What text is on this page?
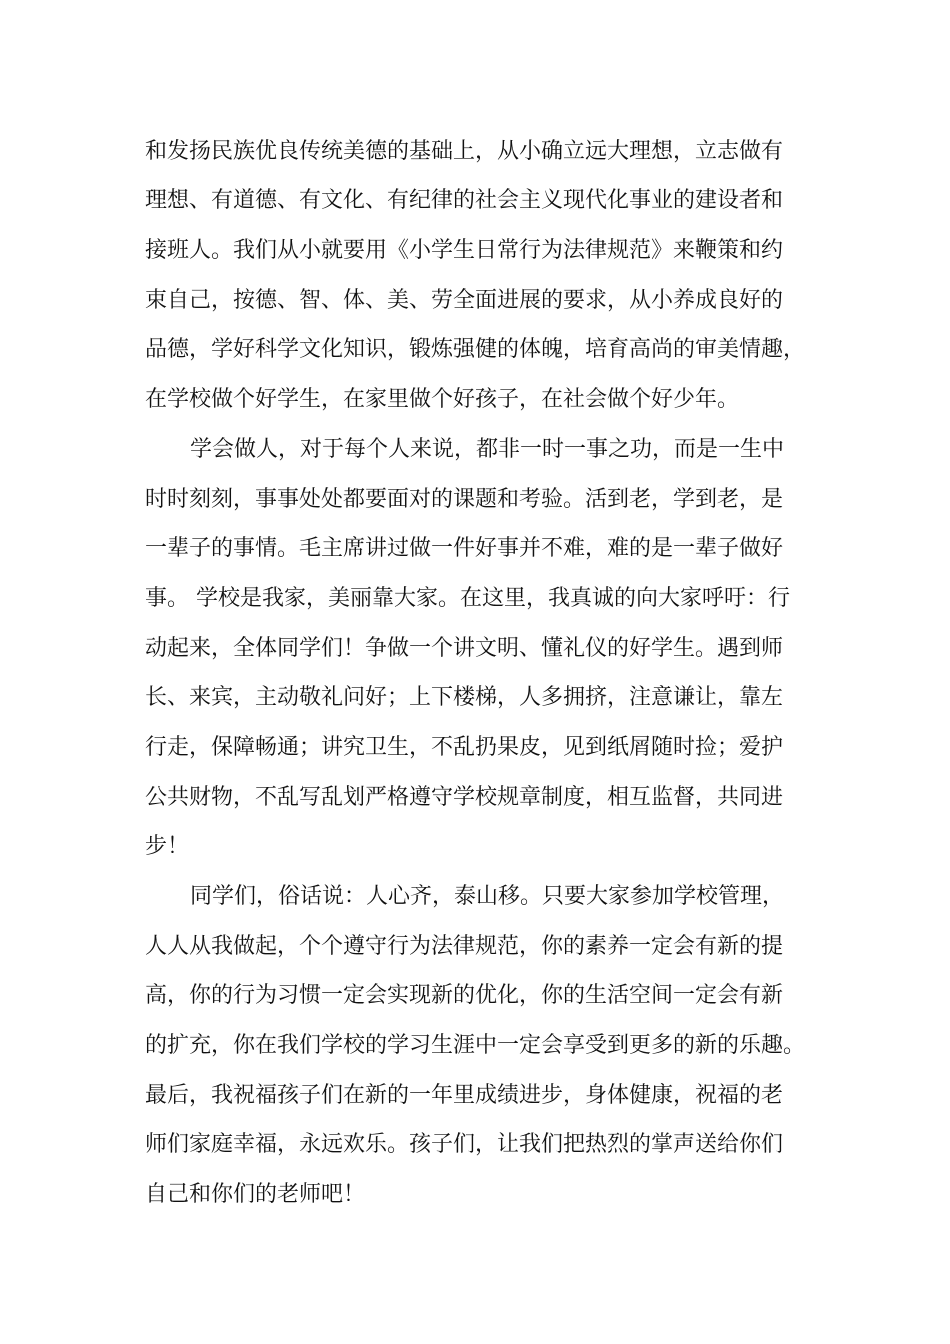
和发扬民族优良传统美德的基础上，从小确立远大理想，立志做有
理想、有道德、有文化、有纪律的社会主义现代化事业的建设者和
接班人。我们从小就要用《小学生日常行为法律规范》来鞭策和约
束自己，按德、智、体、美、劳全面进展的要求，从小养成良好的
品德，学好科学文化知识，锻炼强健的体魄，培育高尚的审美情趣，
在学校做个好学生，在家里做个好孩子，在社会做个好少年。
学会做人，对于每个人来说，都非一时一事之功，而是一生中
时时刻刻，事事处处都要面对的课题和考验。活到老，学到老，是
一辈子的事情。毛主席讲过做一件好事并不难，难的是一辈子做好
事。 学校是我家，美丽靠大家。在这里，我真诚的向大家呼吁：行
动起来，全体同学们！争做一个讲文明、懂礼仪的好学生。遇到师
长、来宾，主动敬礼问好；上下楼梯，人多拥挤，注意谦让，靠左
行走，保障畅通；讲究卫生，不乱扔果皮，见到纸屑随时捡；爱护
公共财物，不乱写乱划严格遵守学校规章制度，相互监督，共同进
步！
同学们，俗话说：人心齐，泰山移。只要大家参加学校管理，
人人从我做起，个个遵守行为法律规范，你的素养一定会有新的提
高，你的行为习惯一定会实现新的优化，你的生活空间一定会有新
的扩充，你在我们学校的学习生涯中一定会享受到更多的新的乐趣。
最后，我祝福孩子们在新的一年里成绩进步，身体健康，祝福的老
师们家庭幸福，永远欢乐。孩子们，让我们把热烈的掌声送给你们
自己和你们的老师吧！
